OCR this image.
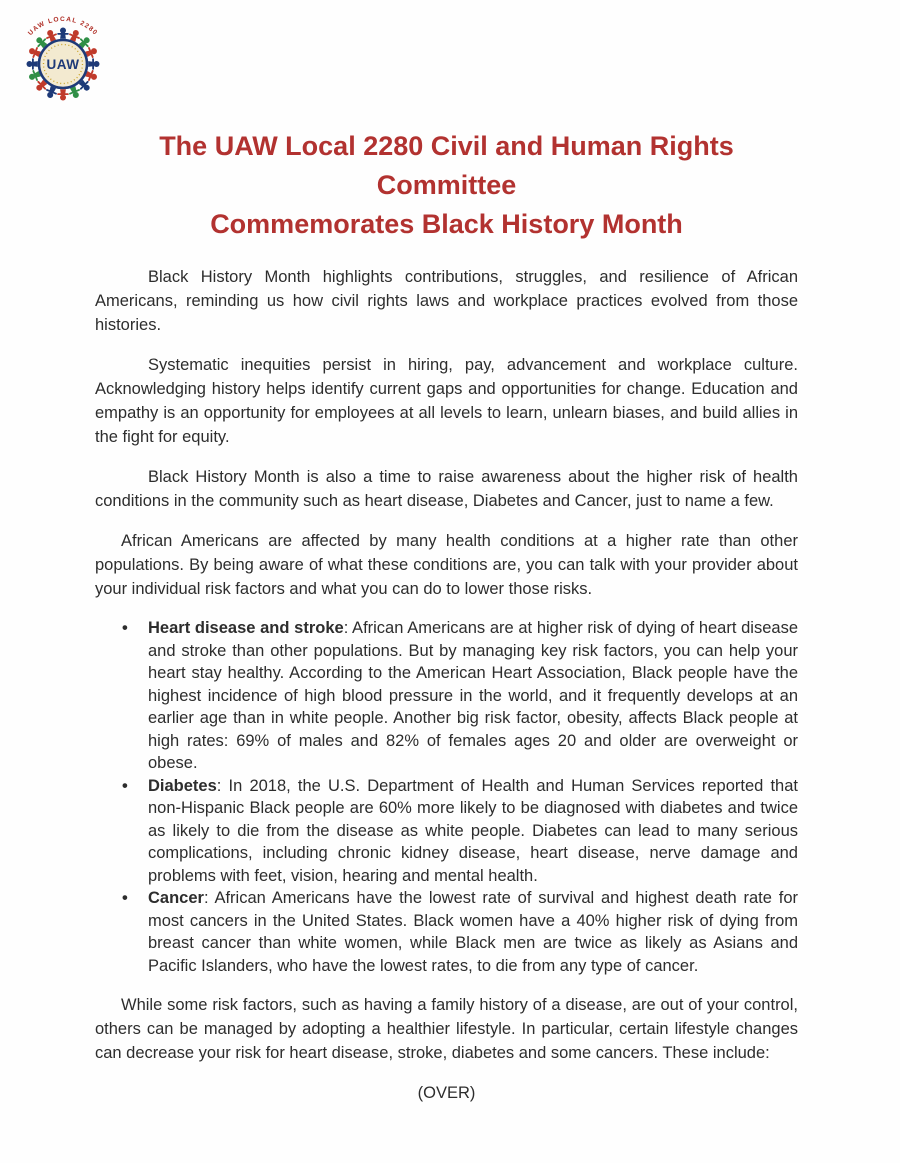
UAW LOCAL 2280
UAW
The UAW Local 2280 Civil and Human Rights Committee
Commemorates Black History Month

Black History Month highlights contributions, struggles, and resilience of African Americans, reminding us how civil rights laws and workplace practices evolved from those histories.

Systematic inequities persist in hiring, pay, advancement and workplace culture. Acknowledging history helps identify current gaps and opportunities for change. Education and empathy is an opportunity for employees at all levels to learn, unlearn biases, and build allies in the fight for equity.

Black History Month is also a time to raise awareness about the higher risk of health conditions in the community such as heart disease, Diabetes and Cancer, just to name a few.

African Americans are affected by many health conditions at a higher rate than other populations. By being aware of what these conditions are, you can talk with your provider about your individual risk factors and what you can do to lower those risks.

• Heart disease and stroke: African Americans are at higher risk of dying of heart disease and stroke than other populations. But by managing key risk factors, you can help your heart stay healthy. According to the American Heart Association, Black people have the highest incidence of high blood pressure in the world, and it frequently develops at an earlier age than in white people. Another big risk factor, obesity, affects Black people at high rates: 69% of males and 82% of females ages 20 and older are overweight or obese.
• Diabetes: In 2018, the U.S. Department of Health and Human Services reported that non-Hispanic Black people are 60% more likely to be diagnosed with diabetes and twice as likely to die from the disease as white people. Diabetes can lead to many serious complications, including chronic kidney disease, heart disease, nerve damage and problems with feet, vision, hearing and mental health.
• Cancer: African Americans have the lowest rate of survival and highest death rate for most cancers in the United States. Black women have a 40% higher risk of dying from breast cancer than white women, while Black men are twice as likely as Asians and Pacific Islanders, who have the lowest rates, to die from any type of cancer.

While some risk factors, such as having a family history of a disease, are out of your control, others can be managed by adopting a healthier lifestyle. In particular, certain lifestyle changes can decrease your risk for heart disease, stroke, diabetes and some cancers. These include:

(OVER)
